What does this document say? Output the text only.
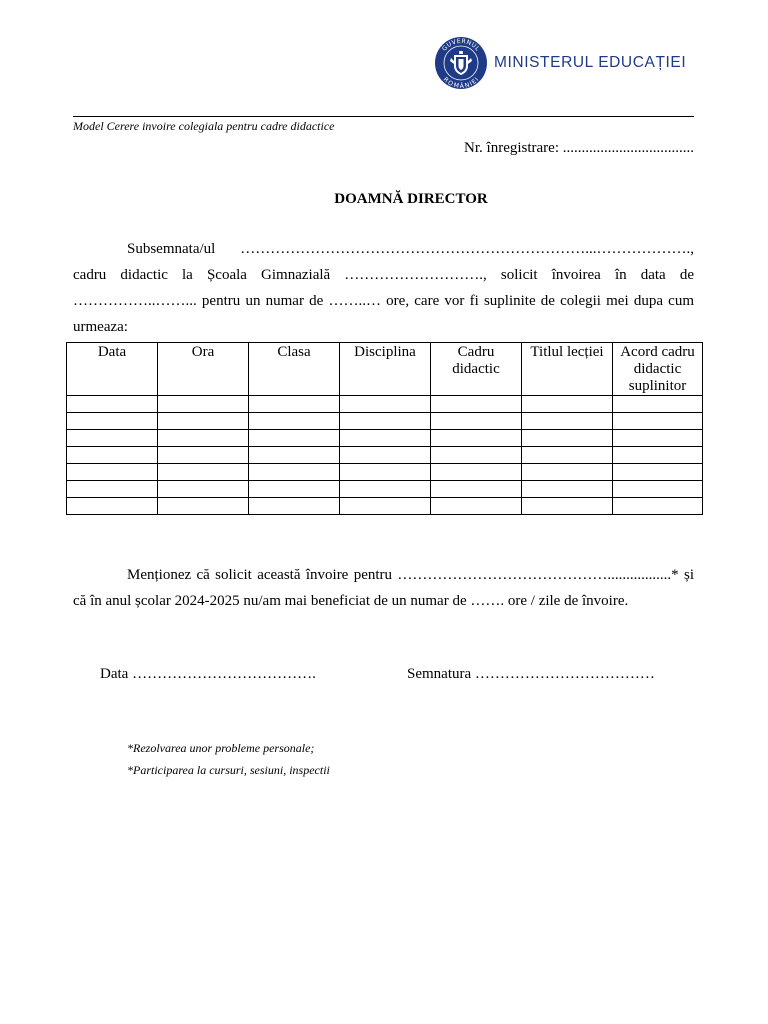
GUVERNUL
ROMÂNIEI
MINISTERUL EDUCAȚIEI
Model Cerere invoire colegiala pentru cadre didactice
Nr. înregistrare: ...................................
DOAMNĂ DIRECTOR
Subsemnata/ul ……………………………………………………………...………………., cadru didactic la Școala Gimnazială ………………………., solicit învoirea în data de ……………..……... pentru un numar de ……..… ore, care vor fi suplinite de colegii mei dupa cum urmeaza:
Data	Ora	Clasa	Disciplina	Cadru didactic	Titlul lecției	Acord cadru didactic suplinitor

Menționez că solicit această învoire pentru …………………………………….................* și că în anul școlar 2024-2025 nu/am mai beneficiat de un numar de ……. ore / zile de învoire.
Data ……………………………….	Semnatura ………………………………
*Rezolvarea unor probleme personale;
*Participarea la cursuri, sesiuni, inspectii
